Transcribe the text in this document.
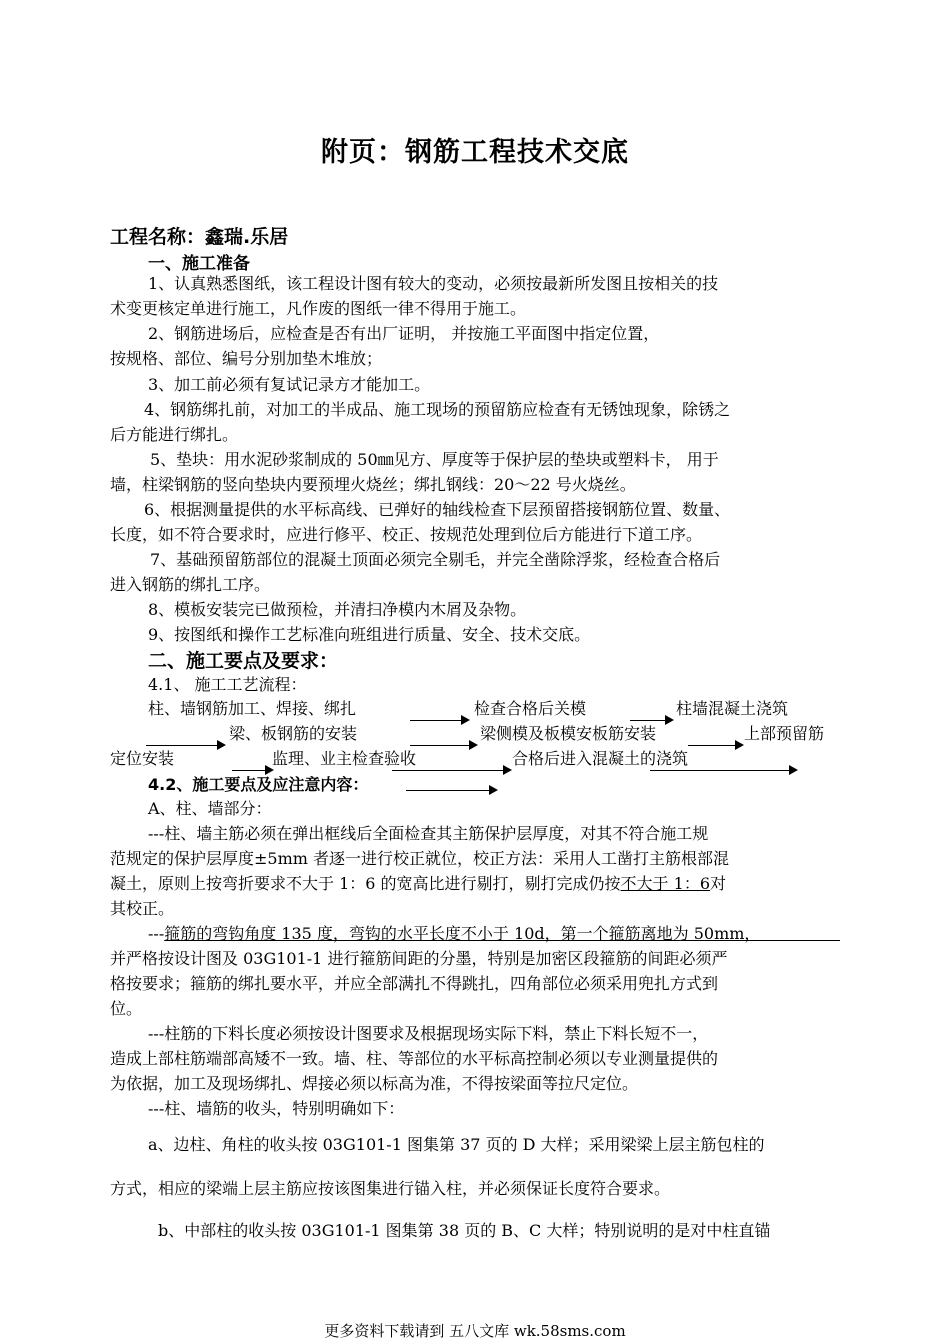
附页：钢筋工程技术交底
工程名称：鑫瑞.乐居
一、施工准备
1、认真熟悉图纸，该工程设计图有较大的变动，必须按最新所发图且按相关的技
术变更核定单进行施工，凡作废的图纸一律不得用于施工。
2、钢筋进场后，应检查是否有出厂证明， 并按施工平面图中指定位置，
按规格、部位、编号分别加垫木堆放；
3、加工前必须有复试记录方才能加工。
4、钢筋绑扎前，对加工的半成品、施工现场的预留筋应检查有无锈蚀现象，除锈之
后方能进行绑扎。
5、垫块：用水泥砂浆制成的 50㎜见方、厚度等于保护层的垫块或塑料卡， 用于
墙，柱梁钢筋的竖向垫块内要预埋火烧丝；绑扎钢线：20～22 号火烧丝。
6、根据测量提供的水平标高线、已弹好的轴线检查下层预留搭接钢筋位置、数量、
长度，如不符合要求时，应进行修平、校正、按规范处理到位后方能进行下道工序。
7、基础预留筋部位的混凝土顶面必须完全剔毛，并完全凿除浮浆，经检查合格后
进入钢筋的绑扎工序。
8、模板安装完已做预检，并清扫净模内木屑及杂物。
9、按图纸和操作工艺标准向班组进行质量、安全、技术交底。
二、施工要点及要求：
4.1、 施工工艺流程：
柱、墙钢筋加工、焊接、绑扎	检查合格后关模	柱墙混凝土浇筑
梁、板钢筋的安装	梁侧模及板模安板筋安装	上部预留筋
定位安装	监理、业主检查验收	合格后进入混凝土的浇筑
4.2、施工要点及应注意内容：
A、柱、墙部分：
---柱、墙主筋必须在弹出框线后全面检查其主筋保护层厚度，对其不符合施工规
范规定的保护层厚度±5mm 者逐一进行校正就位，校正方法：采用人工凿打主筋根部混
凝土，原则上按弯折要求不大于 1：6 的宽高比进行剔打，剔打完成仍按不大于 1：6对
其校正。
---箍筋的弯钩角度 135 度，弯钩的水平长度不小于 10d，第一个箍筋离地为 50mm，
并严格按设计图及 03G101-1 进行箍筋间距的分墨，特别是加密区段箍筋的间距必须严
格按要求；箍筋的绑扎要水平，并应全部满扎不得跳扎，四角部位必须采用兜扎方式到
位。
---柱筋的下料长度必须按设计图要求及根据现场实际下料，禁止下料长短不一，
造成上部柱筋端部高矮不一致。墙、柱、等部位的水平标高控制必须以专业测量提供的
为依据，加工及现场绑扎、焊接必须以标高为准，不得按梁面等拉尺定位。
---柱、墙筋的收头，特别明确如下：
a、边柱、角柱的收头按 03G101-1 图集第 37 页的 D 大样；采用梁梁上层主筋包柱的
方式，相应的梁端上层主筋应按该图集进行锚入柱，并必须保证长度符合要求。
b、中部柱的收头按 03G101-1 图集第 38 页的 B、C 大样；特别说明的是对中柱直锚
更多资料下载请到 五八文库 wk.58sms.com
